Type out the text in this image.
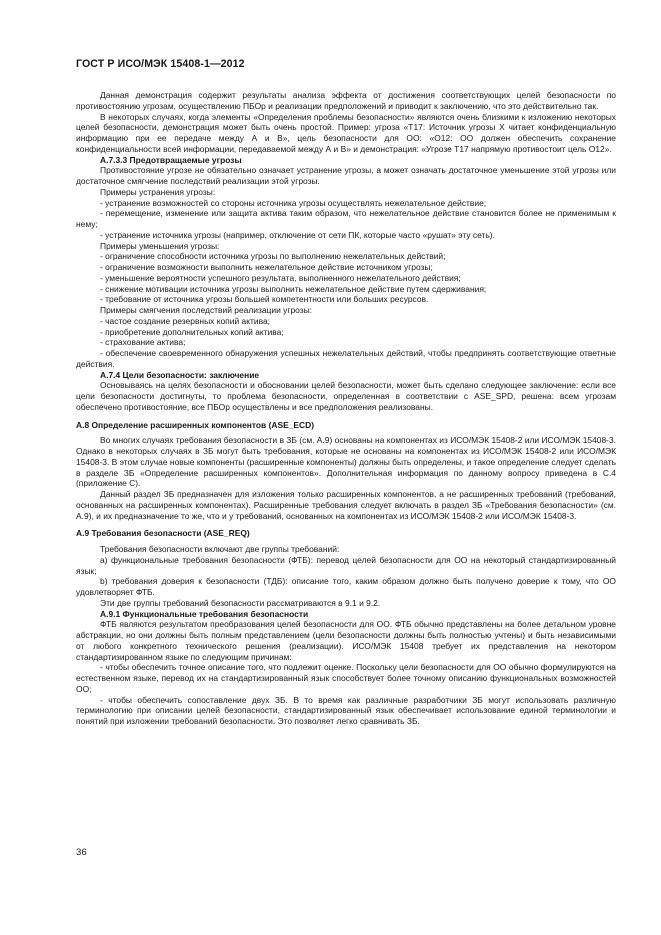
ГОСТ Р ИСО/МЭК 15408-1—2012

Данная демонстрация содержит результаты анализа эффекта от достижения соответствующих целей безопасности по противостоянию угрозам, осуществлению ПБОр и реализации предположений и приводит к заключению, что это действительно так.

В некоторых случаях, когда элементы «Определения проблемы безопасности» являются очень близкими к изложению некоторых целей безопасности, демонстрация может быть очень простой. Пример: угроза «Т17: Источник угрозы X читает конфиденциальную информацию при ее передаче между А и В», цель безопасности для ОО: «О12: ОО должен обеспечить сохранение конфиденциальности всей информации, передаваемой между А и В» и демонстрация: «Угрозе Т17 напрямую противостоит цель О12».

А.7.3.3 Предотвращаемые угрозы

Противостояние угрозе не обязательно означает устранение угрозы, а может означать достаточное уменьшение этой угрозы или достаточное смягчение последствий реализации этой угрозы.

Примеры устранения угрозы:

- устранение возможностей со стороны источника угрозы осуществлять нежелательное действие;

- перемещение, изменение или защита актива таким образом, что нежелательное действие становится более не применимым к нему;

- устранение источника угрозы (например, отключение от сети ПК, которые часто «рушат» эту сеть).

Примеры уменьшения угрозы:

- ограничение способности источника угрозы по выполнению нежелательных действий;

- ограничение возможности выполнить нежелательное действие источником угрозы;

- уменьшение вероятности успешного результата, выполненного нежелательного действия;

- снижение мотивации источника угрозы выполнить нежелательное действие путем сдерживания;

- требование от источника угрозы большей компетентности или больших ресурсов.

Примеры смягчения последствий реализации угрозы:

- частое создание резервных копий актива;

- приобретение дополнительных копий актива;

- страхование актива;

- обеспечение своевременного обнаружения успешных нежелательных действий, чтобы предпринять соответствующие ответные действия.

А.7.4 Цели безопасности: заключение

Основываясь на целях безопасности и обосновании целей безопасности, может быть сделано следующее заключение: если все цели безопасности достигнуты, то проблема безопасности, определенная в соответствии с ASE_SPD, решена: всем угрозам обеспечено противостояние, все ПБОр осуществлены и все предположения реализованы.

А.8 Определение расширенных компонентов (ASE_ECD)

Во многих случаях требования безопасности в ЗБ (см. А.9) основаны на компонентах из ИСО/МЭК 15408-2 или ИСО/МЭК 15408-3. Однако в некоторых случаях в ЗБ могут быть требования, которые не основаны на компонентах из ИСО/МЭК 15408-2 или ИСО/МЭК 15408-3. В этом случае новые компоненты (расширенные компоненты) должны быть определены, и такое определение следует сделать в разделе ЗБ «Определение расширенных компонентов». Дополнительная информация по данному вопросу приведена в С.4 (приложение С).

Данный раздел ЗБ предназначен для изложения только расширенных компонентов, а не расширенных требований (требований, основанных на расширенных компонентах). Расширенные требования следует включать в раздел ЗБ «Требования безопасности» (см. А.9), и их предназначение то же, что и у требований, основанных на компонентах из ИСО/МЭК 15408-2 или ИСО/МЭК 15408-3.

А.9 Требования безопасности (ASE_REQ)

Требования безопасности включают две группы требований:

а) функциональные требования безопасности (ФТБ): перевод целей безопасности для ОО на некоторый стандартизированный язык;

b) требования доверия к безопасности (ТДБ): описание того, каким образом должно быть получено доверие к тому, что ОО удовлетворяет ФТБ.

Эти две группы требований безопасности рассматриваются в 9.1 и 9.2.

А.9.1 Функциональные требования безопасности

ФТБ являются результатом преобразования целей безопасности для ОО. ФТБ обычно представлены на более детальном уровне абстракции, но они должны быть полным представлением (цели безопасности должны быть полностью учтены) и быть независимыми от любого конкретного технического решения (реализации). ИСО/МЭК 15408 требует их представления на некотором стандартизированном языке по следующим причинам:

- чтобы обеспечить точное описание того, что подлежит оценке. Поскольку цели безопасности для ОО обычно формулируются на естественном языке, перевод их на стандартизированный язык способствует более точному описанию функциональных возможностей ОО;

- чтобы обеспечить сопоставление двух ЗБ. В то время как различные разработчики ЗБ могут использовать различную терминологию при описании целей безопасности, стандартизированный язык обеспечивает использование единой терминологии и понятий при изложении требований безопасности. Это позволяет легко сравнивать ЗБ.

36
